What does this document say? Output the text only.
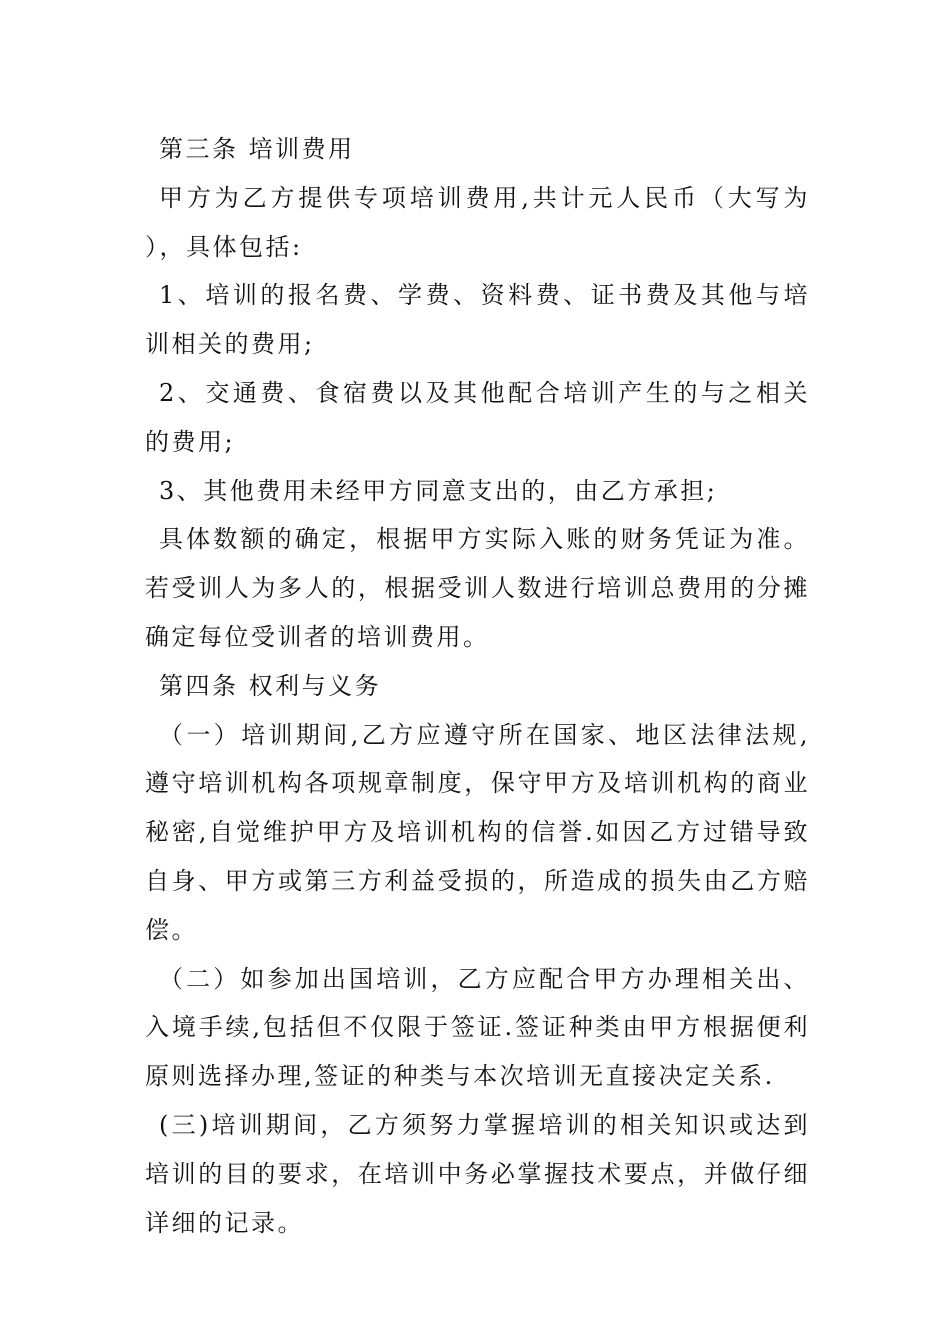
第三条 培训费用

甲方为乙方提供专项培训费用,共计元人民币（大写为 ），具体包括:

1、培训的报名费、学费、资料费、证书费及其他与培训相关的费用;

2、交通费、食宿费以及其他配合培训产生的与之相关的费用;

3、其他费用未经甲方同意支出的，由乙方承担;

具体数额的确定，根据甲方实际入账的财务凭证为准。若受训人为多人的，根据受训人数进行培训总费用的分摊确定每位受训者的培训费用。

第四条 权利与义务

（一）培训期间,乙方应遵守所在国家、地区法律法规,遵守培训机构各项规章制度，保守甲方及培训机构的商业秘密,自觉维护甲方及培训机构的信誉.如因乙方过错导致自身、甲方或第三方利益受损的，所造成的损失由乙方赔偿。

（二）如参加出国培训，乙方应配合甲方办理相关出、入境手续,包括但不仅限于签证.签证种类由甲方根据便利原则选择办理,签证的种类与本次培训无直接决定关系.

(三)培训期间，乙方须努力掌握培训的相关知识或达到培训的目的要求，在培训中务必掌握技术要点，并做仔细详细的记录。
